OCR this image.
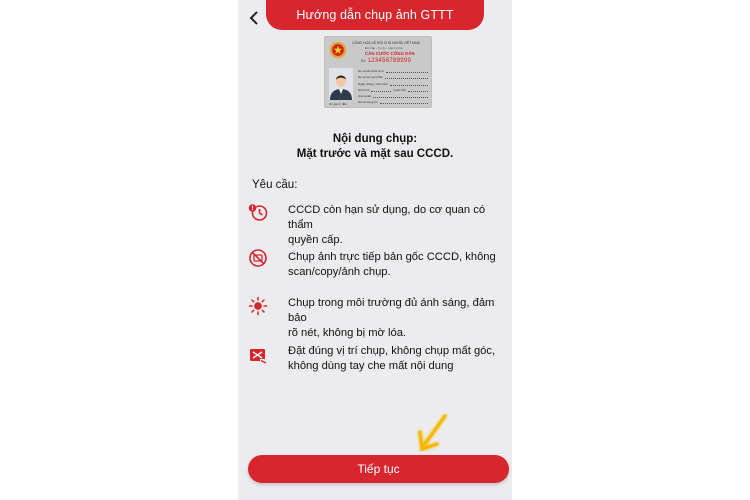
Hướng dẫn chụp ảnh GTTT
CỘNG HOÀ XÃ HỘI CHỦ NGHĨA VIỆT NAM
Độc lập - Tự do - Hạnh phúc
CĂN CƯỚC CÔNG DÂN
Số 123456789999
Họ và tên khai sinh
Họ và tên gọi khác
Ngày, tháng, năm sinh
Giới tính	Quốc tịch
Quê quán
Nơi thường trú
Có giá trị đến
Nội dung chụp:
Mặt trước và mặt sau CCCD.
Yêu cầu:
CCCD còn hạn sử dụng, do cơ quan có thẩm
quyền cấp.
Chụp ảnh trực tiếp bản gốc CCCD, không
scan/copy/ảnh chụp.
Chụp trong môi trường đủ ánh sáng, đảm bảo
rõ nét, không bị mờ lóa.
Đặt đúng vị trí chụp, không chụp mất góc,
không dùng tay che mất nội dung
Tiếp tục
